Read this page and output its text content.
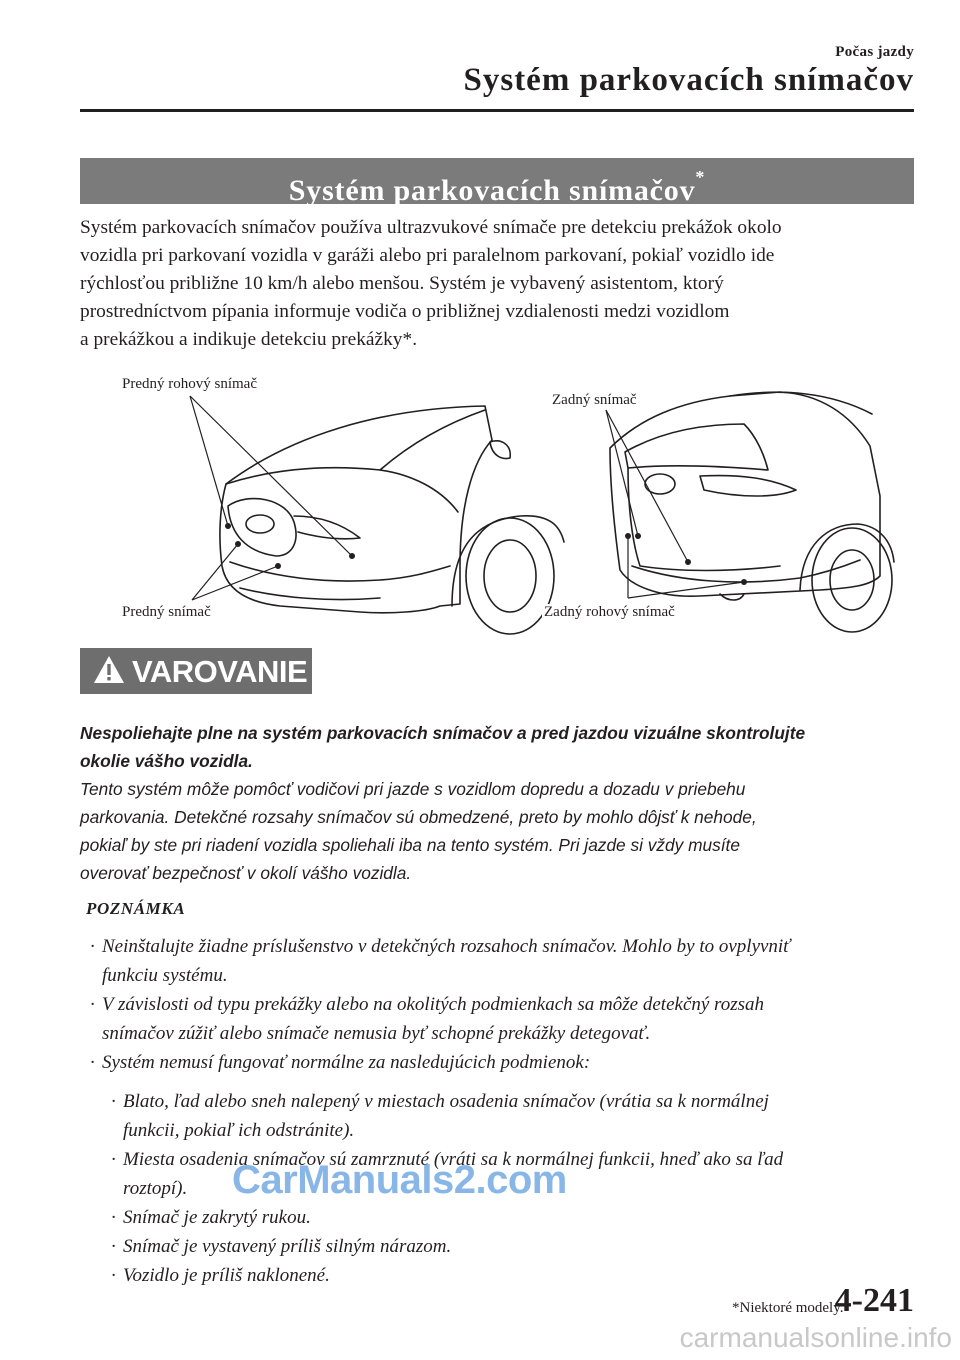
Počas jazdy
Systém parkovacích snímačov
Systém parkovacích snímačov*

Systém parkovacích snímačov používa ultrazvukové snímače pre detekciu prekážok okolo

vozidla pri parkovaní vozidla v garáži alebo pri paralelnom parkovaní, pokiaľ vozidlo ide

rýchlosťou približne 10 km/h alebo menšou. Systém je vybavený asistentom, ktorý

prostredníctvom pípania informuje vodiča o približnej vzdialenosti medzi vozidlom

a prekážkou a indikuje detekciu prekážky*.

Predný rohový snímač
Predný snímač
Zadný snímač
Zadný rohový snímač
VAROVANIE

Nespoliehajte plne na systém parkovacích snímačov a pred jazdou vizuálne skontrolujte

okolie vášho vozidla.

Tento systém môže pomôcť vodičovi pri jazde s vozidlom dopredu a dozadu v priebehu

parkovania. Detekčné rozsahy snímačov sú obmedzené, preto by mohlo dôjsť k nehode,

pokiaľ by ste pri riadení vozidla spoliehali iba na tento systém. Pri jazde si vždy musíte

overovať bezpečnosť v okolí vášho vozidla.

POZNÁMKA
· Neinštalujte žiadne príslušenstvo v detekčných rozsahoch snímačov. Mohlo by to ovplyvniť

funkciu systému.

· V závislosti od typu prekážky alebo na okolitých podmienkach sa môže detekčný rozsah

snímačov zúžiť alebo snímače nemusia byť schopné prekážky detegovať.

· Systém nemusí fungovať normálne za nasledujúcich podmienok:

· Blato, ľad alebo sneh nalepený v miestach osadenia snímačov (vrátia sa k normálnej

funkcii, pokiaľ ich odstránite).

· Miesta osadenia snímačov sú zamrznuté (vráti sa k normálnej funkcii, hneď ako sa ľad

roztopí).

· Snímač je zakrytý rukou.

· Snímač je vystavený príliš silným nárazom.

· Vozidlo je príliš naklonené.

CarManuals2.com
*Niektoré modely.
4-241
carmanualsonline.info
